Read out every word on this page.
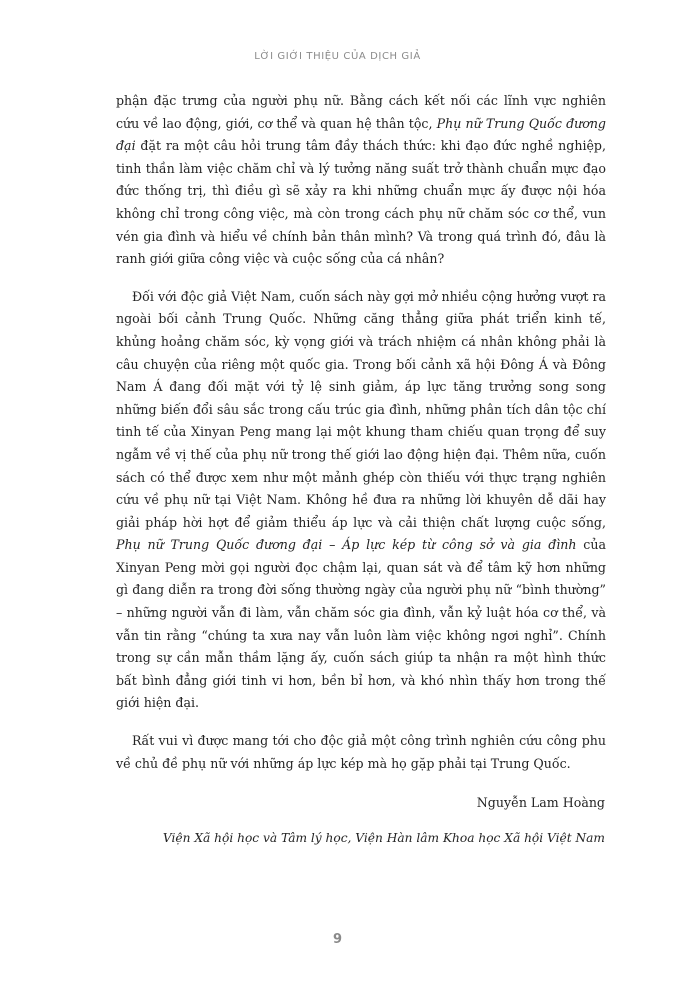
LỜI GIỚI THIỆU CỦA DỊCH GIẢ

phận đặc trưng của người phụ nữ. Bằng cách kết nối các lĩnh vực nghiên cứu về lao động, giới, cơ thể và quan hệ thân tộc, Phụ nữ Trung Quốc đương đại đặt ra một câu hỏi trung tâm đầy thách thức: khi đạo đức nghề nghiệp, tinh thần làm việc chăm chỉ và lý tưởng năng suất trở thành chuẩn mực đạo đức thống trị, thì điều gì sẽ xảy ra khi những chuẩn mực ấy được nội hóa không chỉ trong công việc, mà còn trong cách phụ nữ chăm sóc cơ thể, vun vén gia đình và hiểu về chính bản thân mình? Và trong quá trình đó, đâu là ranh giới giữa công việc và cuộc sống của cá nhân?

Đối với độc giả Việt Nam, cuốn sách này gợi mở nhiều cộng hưởng vượt ra ngoài bối cảnh Trung Quốc. Những căng thẳng giữa phát triển kinh tế, khủng hoảng chăm sóc, kỳ vọng giới và trách nhiệm cá nhân không phải là câu chuyện của riêng một quốc gia. Trong bối cảnh xã hội Đông Á và Đông Nam Á đang đối mặt với tỷ lệ sinh giảm, áp lực tăng trưởng song song những biến đổi sâu sắc trong cấu trúc gia đình, những phân tích dân tộc chí tinh tế của Xinyan Peng mang lại một khung tham chiếu quan trọng để suy ngẫm về vị thế của phụ nữ trong thế giới lao động hiện đại. Thêm nữa, cuốn sách có thể được xem như một mảnh ghép còn thiếu với thực trạng nghiên cứu về phụ nữ tại Việt Nam. Không hề đưa ra những lời khuyên dễ dãi hay giải pháp hời hợt để giảm thiểu áp lực và cải thiện chất lượng cuộc sống, Phụ nữ Trung Quốc đương đại – Áp lực kép từ công sở và gia đình của Xinyan Peng mời gọi người đọc chậm lại, quan sát và để tâm kỹ hơn những gì đang diễn ra trong đời sống thường ngày của người phụ nữ “bình thường” – những người vẫn đi làm, vẫn chăm sóc gia đình, vẫn kỷ luật hóa cơ thể, và vẫn tin rằng “chúng ta xưa nay vẫn luôn làm việc không ngơi nghỉ”. Chính trong sự cần mẫn thầm lặng ấy, cuốn sách giúp ta nhận ra một hình thức bất bình đẳng giới tinh vi hơn, bền bỉ hơn, và khó nhìn thấy hơn trong thế giới hiện đại.

Rất vui vì được mang tới cho độc giả một công trình nghiên cứu công phu về chủ đề phụ nữ với những áp lực kép mà họ gặp phải tại Trung Quốc.

Nguyễn Lam Hoàng
Viện Xã hội học và Tâm lý học, Viện Hàn lâm Khoa học Xã hội Việt Nam
9
